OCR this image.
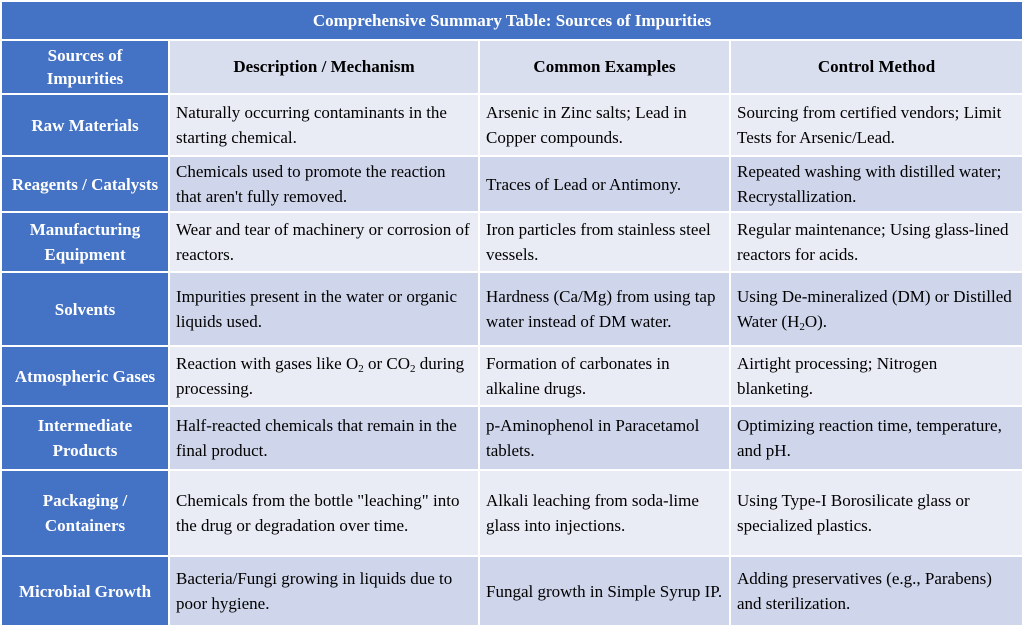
Comprehensive Summary Table: Sources of Impurities			
Sources of Impurities	Description / Mechanism	Common Examples	Control Method
Raw Materials	Naturally occurring contaminants in the starting chemical.	Arsenic in Zinc salts; Lead in Copper compounds.	Sourcing from certified vendors; Limit Tests for Arsenic/Lead.
Reagents / Catalysts	Chemicals used to promote the reaction that aren't fully removed.	Traces of Lead or Antimony.	Repeated washing with distilled water; Recrystallization.
Manufacturing Equipment	Wear and tear of machinery or corrosion of reactors.	Iron particles from stainless steel vessels.	Regular maintenance; Using glass-lined reactors for acids.
Solvents	Impurities present in the water or organic liquids used.	Hardness (Ca/Mg) from using tap water instead of DM water.	Using De-mineralized (DM) or Distilled Water $(H_2O)$.
Atmospheric Gases	Reaction with gases like $O_2$ or $CO_2$ during processing.	Formation of carbonates in alkaline drugs.	Airtight processing; Nitrogen blanketing.
Intermediate Products	Half-reacted chemicals that remain in the final product.	p-Aminophenol in Paracetamol tablets.	Optimizing reaction time, temperature, and pH.
Packaging / Containers	Chemicals from the bottle "leaching" into the drug or degradation over time.	Alkali leaching from soda-lime glass into injections.	Using Type-I Borosilicate glass or specialized plastics.
Microbial Growth	Bacteria/Fungi growing in liquids due to poor hygiene.	Fungal growth in Simple Syrup IP.	Adding preservatives (e.g., Parabens) and sterilization.
